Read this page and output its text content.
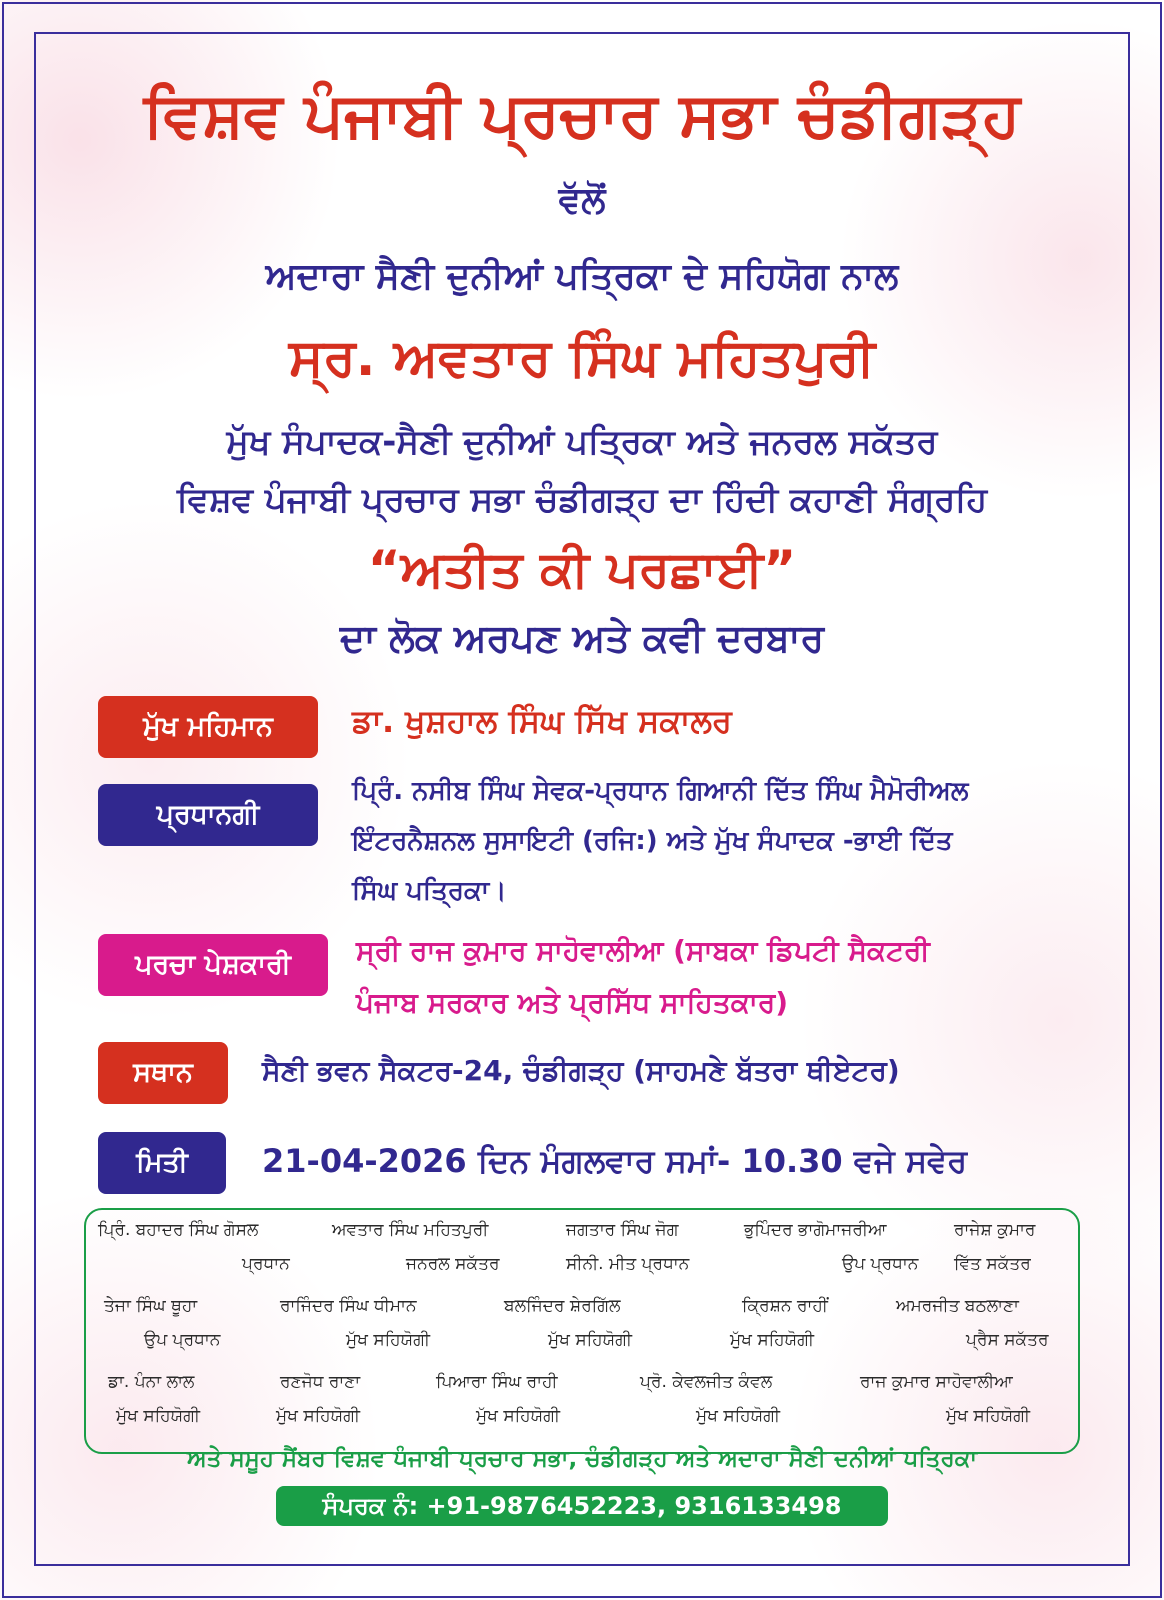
ਵਿਸ਼ਵ ਪੰਜਾਬੀ ਪ੍ਰਚਾਰ ਸਭਾ ਚੰਡੀਗੜ੍ਹ
ਵੱਲੋਂ
ਅਦਾਰਾ ਸੈਣੀ ਦੁਨੀਆਂ ਪਤ੍ਰਿਕਾ ਦੇ ਸਹਿਯੋਗ ਨਾਲ
ਸ੍ਰ. ਅਵਤਾਰ ਸਿੰਘ ਮਹਿਤਪੁਰੀ
ਮੁੱਖ ਸੰਪਾਦਕ-ਸੈਣੀ ਦੁਨੀਆਂ ਪਤ੍ਰਿਕਾ ਅਤੇ ਜਨਰਲ ਸਕੱਤਰ
ਵਿਸ਼ਵ ਪੰਜਾਬੀ ਪ੍ਰਚਾਰ ਸਭਾ ਚੰਡੀਗੜ੍ਹ ਦਾ ਹਿੰਦੀ ਕਹਾਣੀ ਸੰਗ੍ਰਹਿ
“ਅਤੀਤ ਕੀ ਪਰਛਾਈ”
ਦਾ ਲੋਕ ਅਰਪਣ ਅਤੇ ਕਵੀ ਦਰਬਾਰ
ਮੁੱਖ ਮਹਿਮਾਨ	ਡਾ. ਖੁਸ਼ਹਾਲ ਸਿੰਘ ਸਿੱਖ ਸਕਾਲਰ
ਪ੍ਰਧਾਨਗੀ
ਪ੍ਰਿੰ. ਨਸੀਬ ਸਿੰਘ ਸੇਵਕ-ਪ੍ਰਧਾਨ ਗਿਆਨੀ ਦਿੱਤ ਸਿੰਘ ਮੈਮੋਰੀਅਲ
ਇੰਟਰਨੈਸ਼ਨਲ ਸੁਸਾਇਟੀ (ਰਜਿ:) ਅਤੇ ਮੁੱਖ ਸੰਪਾਦਕ -ਭਾਈ ਦਿੱਤ
ਸਿੰਘ ਪਤ੍ਰਿਕਾ।
ਪਰਚਾ ਪੇਸ਼ਕਾਰੀ	ਸ੍ਰੀ ਰਾਜ ਕੁਮਾਰ ਸਾਹੋਵਾਲੀਆ (ਸਾਬਕਾ ਡਿਪਟੀ ਸੈਕਟਰੀ
ਪੰਜਾਬ ਸਰਕਾਰ ਅਤੇ ਪ੍ਰਸਿੱਧ ਸਾਹਿਤਕਾਰ)
ਸਥਾਨ	ਸੈਣੀ ਭਵਨ ਸੈਕਟਰ-24, ਚੰਡੀਗੜ੍ਹ (ਸਾਹਮਣੇ ਬੱਤਰਾ ਥੀਏਟਰ)
ਮਿਤੀ	21-04-2026 ਦਿਨ ਮੰਗਲਵਾਰ ਸਮਾਂ- 10.30 ਵਜੇ ਸਵੇਰ
ਪ੍ਰਿੰ. ਬਹਾਦਰ ਸਿੰਘ ਗੋਸਲ
ਪ੍ਰਧਾਨ
ਅਵਤਾਰ ਸਿੰਘ ਮਹਿਤਪੁਰੀ
ਜਨਰਲ ਸਕੱਤਰ
ਜਗਤਾਰ ਸਿੰਘ ਜੋਗ
ਸੀਨੀ. ਮੀਤ ਪ੍ਰਧਾਨ
ਭੁਪਿੰਦਰ ਭਾਗੋਮਾਜਰੀਆ
ਉਪ ਪ੍ਰਧਾਨ
ਰਾਜੇਸ਼ ਕੁਮਾਰ
ਵਿੱਤ ਸਕੱਤਰ
ਤੇਜਾ ਸਿੰਘ ਥੂਹਾ
ਉਪ ਪ੍ਰਧਾਨ
ਰਾਜਿੰਦਰ ਸਿੰਘ ਧੀਮਾਨ
ਮੁੱਖ ਸਹਿਯੋਗੀ
ਬਲਜਿੰਦਰ ਸ਼ੇਰਗਿੱਲ
ਮੁੱਖ ਸਹਿਯੋਗੀ
ਕ੍ਰਿਸ਼ਨ ਰਾਹੀਂ
ਮੁੱਖ ਸਹਿਯੋਗੀ
ਅਮਰਜੀਤ ਬਠਲਾਣਾ
ਪ੍ਰੈਸ ਸਕੱਤਰ
ਡਾ. ਪੰਨਾ ਲਾਲ
ਮੁੱਖ ਸਹਿਯੋਗੀ
ਰਣਜੋਧ ਰਾਣਾ
ਮੁੱਖ ਸਹਿਯੋਗੀ
ਪਿਆਰਾ ਸਿੰਘ ਰਾਹੀ
ਮੁੱਖ ਸਹਿਯੋਗੀ
ਪ੍ਰੋ. ਕੇਵਲਜੀਤ ਕੰਵਲ
ਮੁੱਖ ਸਹਿਯੋਗੀ
ਰਾਜ ਕੁਮਾਰ ਸਾਹੋਵਾਲੀਆ
ਮੁੱਖ ਸਹਿਯੋਗੀ
ਅਤੇ ਸਮੂਹ ਮੈਂਬਰ ਵਿਸ਼ਵ ਪੰਜਾਬੀ ਪ੍ਰਚਾਰ ਸਭਾ, ਚੰਡੀਗੜ੍ਹ ਅਤੇ ਅਦਾਰਾ ਸੈਣੀ ਦਨੀਆਂ ਪਤ੍ਰਿਕਾ
ਸੰਪਰਕ ਨੰ: +91-9876452223, 9316133498
